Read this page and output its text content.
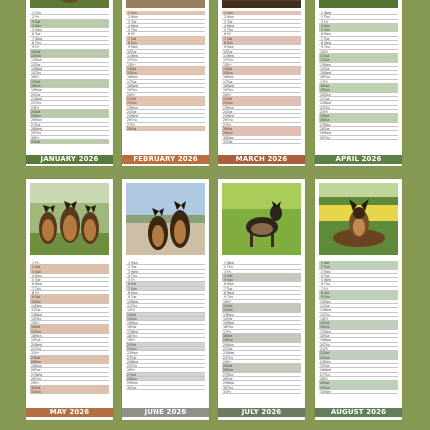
1 Thu
2 Fri
3 Sat
4 Sun
5 Mon
6 Tue
7 Wed
8 Thu
9 Fri
10 Sat
11 Sun
12 Mon
13 Tue
14 Wed
15 Thu
16 Fri
17 Sat
18 Sun
19 Mon
20 Tue
21 Wed
22 Thu
23 Fri
24 Sat
25 Sun
26 Mon
27 Tue
28 Wed
29 Thu
30 Fri
31 Sat
JANUARY 2026
1 Sun
2 Mon
3 Tue
4 Wed
5 Thu
6 Fri
7 Sat
8 Sun
9 Mon
10 Tue
11 Wed
12 Thu
13 Fri
14 Sat
15 Sun
16 Mon
17 Tue
18 Wed
19 Thu
20 Fri
21 Sat
22 Sun
23 Mon
24 Tue
25 Wed
26 Thu
27 Fri
28 Sat
FEBRUARY 2026
1 Sun
2 Mon
3 Tue
4 Wed
5 Thu
6 Fri
7 Sat
8 Sun
9 Mon
10 Tue
11 Wed
12 Thu
13 Fri
14 Sat
15 Sun
16 Mon
17 Tue
18 Wed
19 Thu
20 Fri
21 Sat
22 Sun
23 Mon
24 Tue
25 Wed
26 Thu
27 Fri
28 Sat
29 Sun
30 Mon
31 Tue
MARCH 2026
1 Wed
2 Thu
3 Fri
4 Sat
5 Sun
6 Mon
7 Tue
8 Wed
9 Thu
10 Fri
11 Sat
12 Sun
13 Mon
14 Tue
15 Wed
16 Thu
17 Fri
18 Sat
19 Sun
20 Mon
21 Tue
22 Wed
23 Thu
24 Fri
25 Sat
26 Sun
27 Mon
28 Tue
29 Wed
30 Thu
APRIL 2026
1 Fri
2 Sat
3 Sun
4 Mon
5 Tue
6 Wed
7 Thu
8 Fri
9 Sat
10 Sun
11 Mon
12 Tue
13 Wed
14 Thu
15 Fri
16 Sat
17 Sun
18 Mon
19 Tue
20 Wed
21 Thu
22 Fri
23 Sat
24 Sun
25 Mon
26 Tue
27 Wed
28 Thu
29 Fri
30 Sat
31 Sun
MAY 2026
1 Mon
2 Tue
3 Wed
4 Thu
5 Fri
6 Sat
7 Sun
8 Mon
9 Tue
10 Wed
11 Thu
12 Fri
13 Sat
14 Sun
15 Mon
16 Tue
17 Wed
18 Thu
19 Fri
20 Sat
21 Sun
22 Mon
23 Tue
24 Wed
25 Thu
26 Fri
27 Sat
28 Sun
29 Mon
30 Tue
JUNE 2026
1 Wed
2 Thu
3 Fri
4 Sat
5 Sun
6 Mon
7 Tue
8 Wed
9 Thu
10 Fri
11 Sat
12 Sun
13 Mon
14 Tue
15 Wed
16 Thu
17 Fri
18 Sat
19 Sun
20 Mon
21 Tue
22 Wed
23 Thu
24 Fri
25 Sat
26 Sun
27 Mon
28 Tue
29 Wed
30 Thu
31 Fri
JULY 2026
1 Sat
2 Sun
3 Mon
4 Tue
5 Wed
6 Thu
7 Fri
8 Sat
9 Sun
10 Mon
11 Tue
12 Wed
13 Thu
14 Fri
15 Sat
16 Sun
17 Mon
18 Tue
19 Wed
20 Thu
21 Fri
22 Sat
23 Sun
24 Mon
25 Tue
26 Wed
27 Thu
28 Fri
29 Sat
30 Sun
31 Mon
AUGUST 2026
